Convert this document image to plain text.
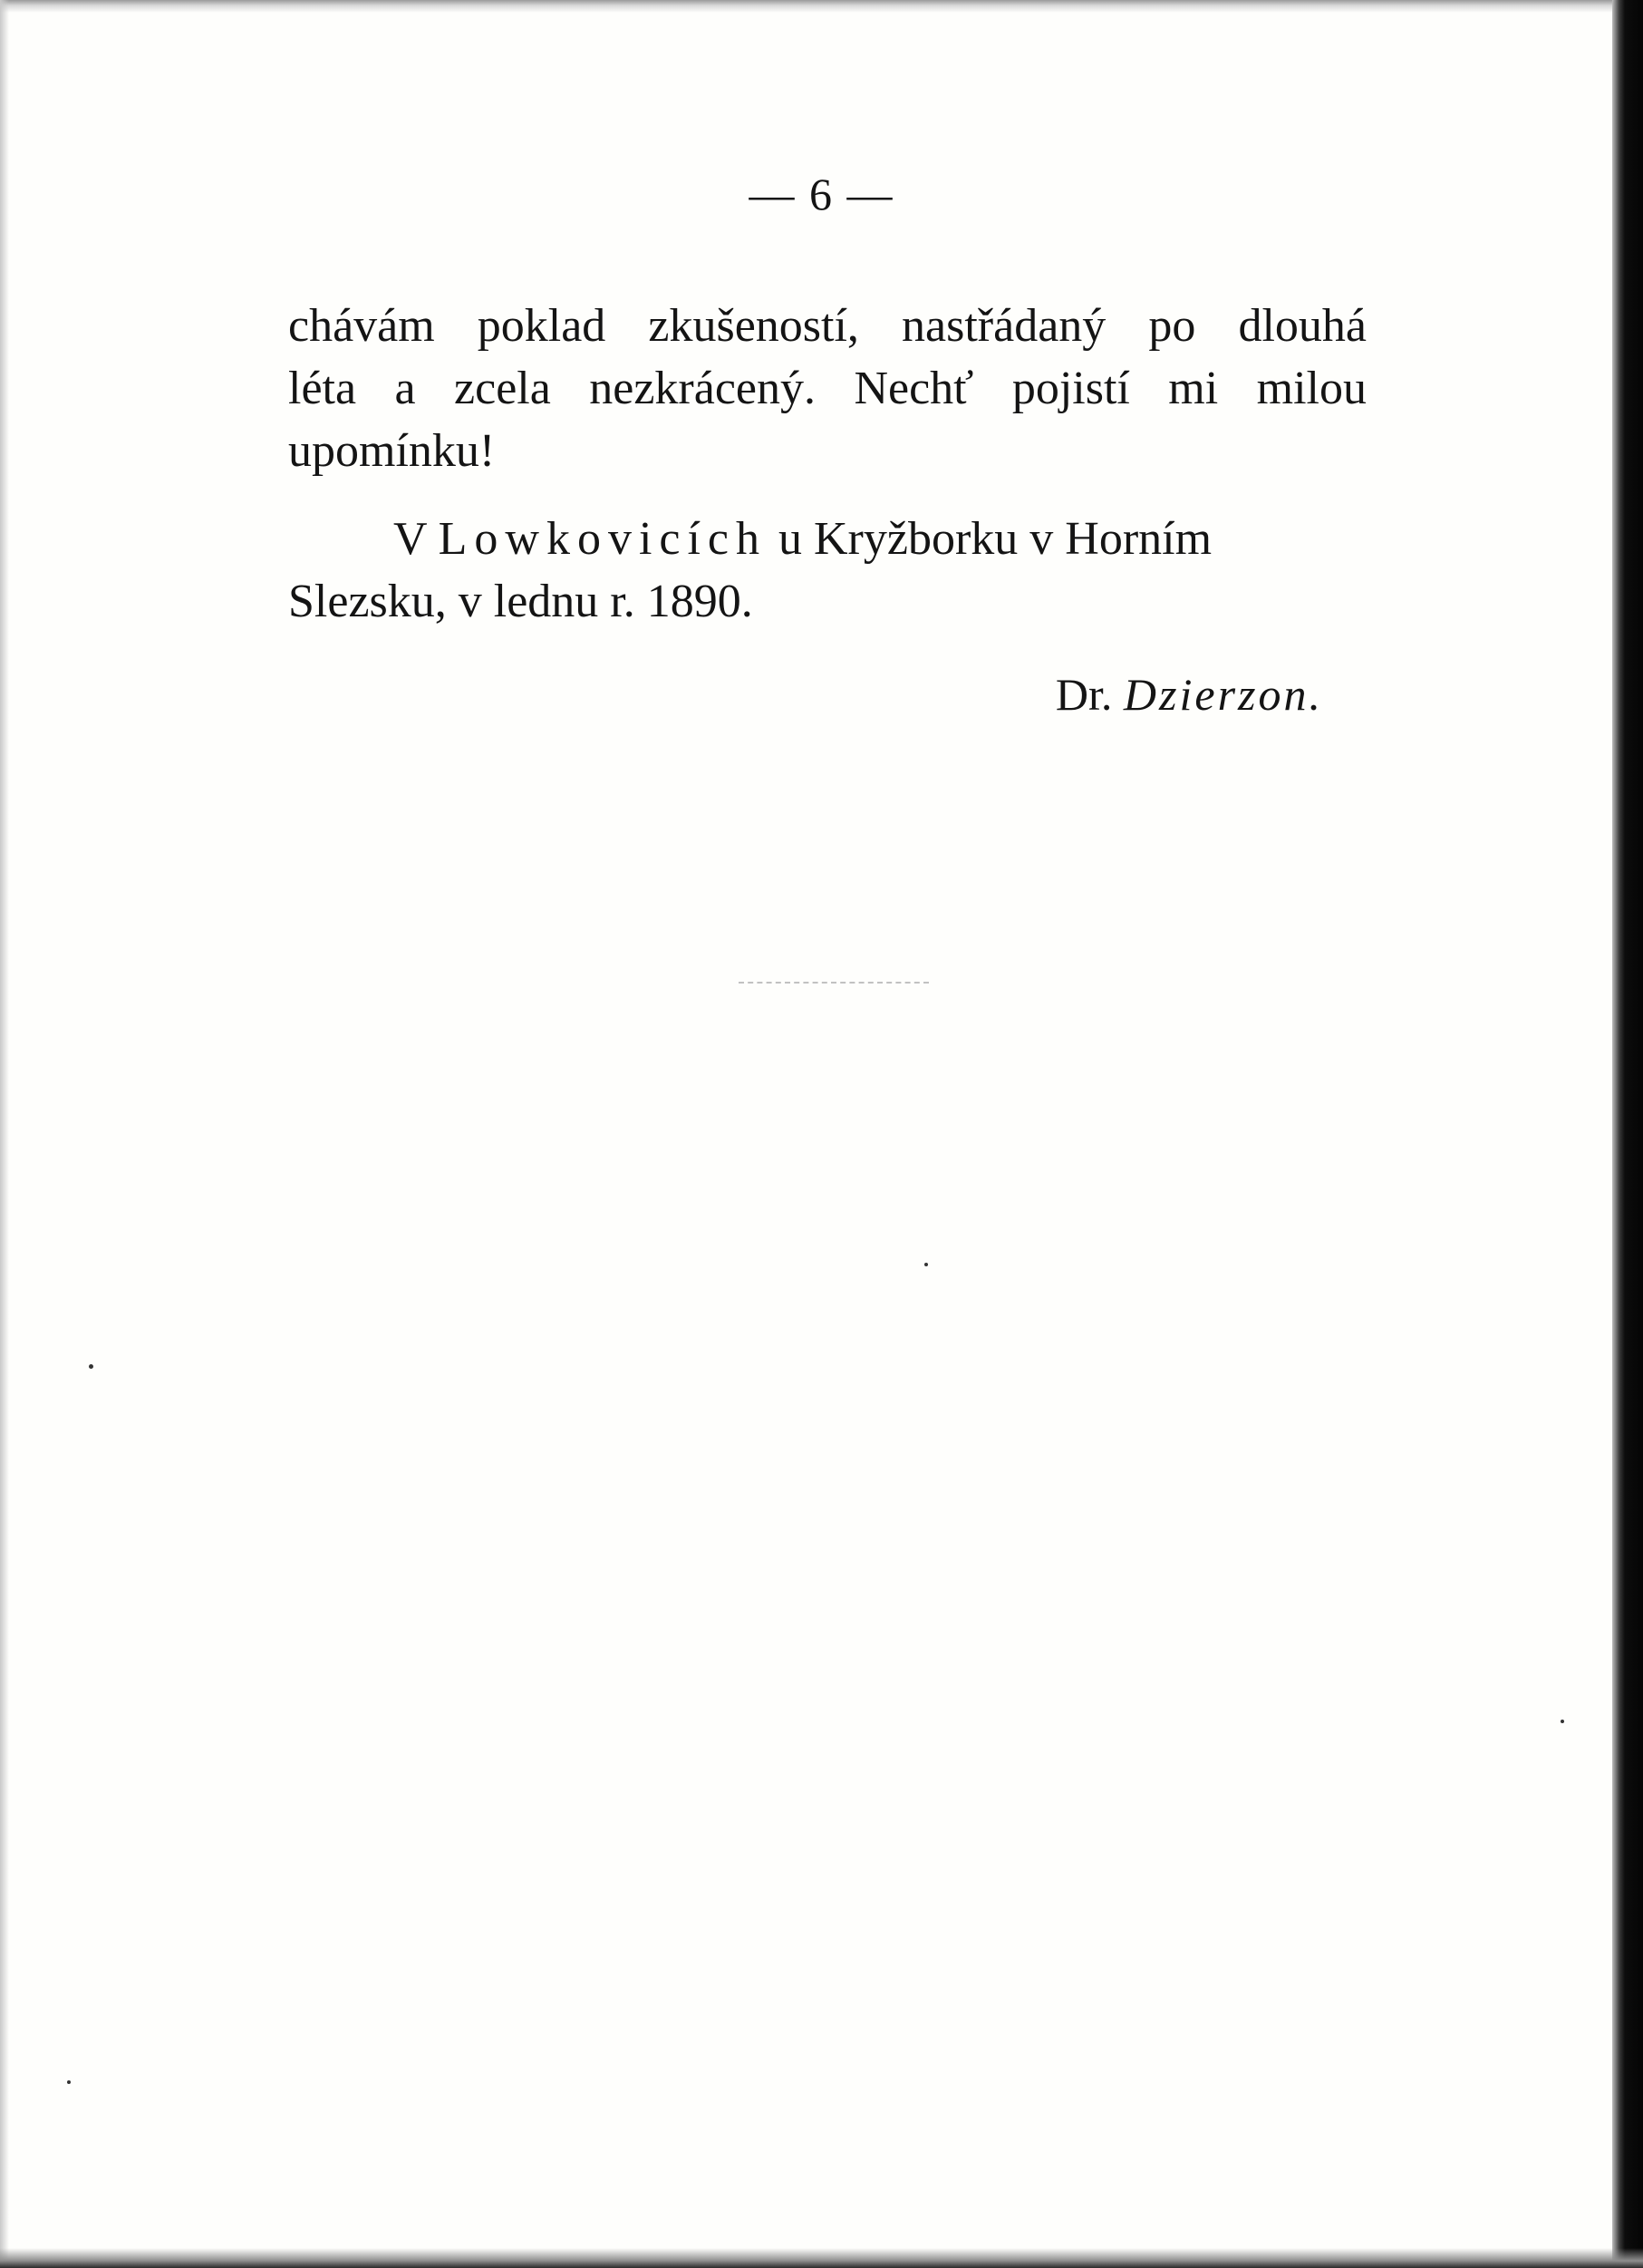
— 6 —
chávám poklad zkušeností, nastřádaný po dlouhá
léta a zcela nezkrácený. Nechť pojistí mi milou
upomínku!
V Lowkovicích u Kryžborku v Horním
Slezsku, v lednu r. 1890.
Dr. Dzierzon.
